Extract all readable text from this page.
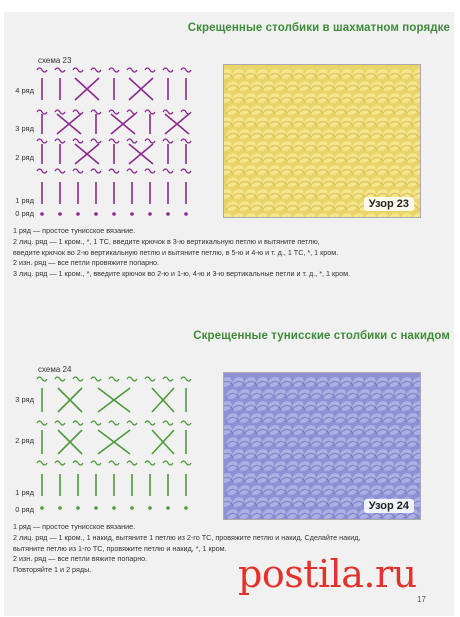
Скрещенные столбики в шахматном порядке
схема 23
4 ряд
3 ряд
2 ряд
1 ряд
0 ряд
Узор 23
1 ряд — простое тунисское вязание.
2 лиц. ряд — 1 кром., *, 1 ТС, введите крючок в 3-ю вертикальную петлю и вытяните петлю,
введите крючок во 2-ю вертикальную петлю и вытяните петлю, в 5-ю и 4-ю и т. д., 1 ТС, *, 1 кром.
2 изн. ряд — все петли провяжите попарно.
3 лиц. ряд — 1 кром., *, введите крючок во 2-ю и 1-ю, 4-ю и 3-ю вертикальные петли и т. д., *, 1 кром.
Скрещенные тунисские столбики с накидом
схема 24
3 ряд
2 ряд
1 ряд
0 ряд	Узор 24
1 ряд — простое тунисское вязание.
2 лиц. ряд — 1 кром., 1 накид, вытяните 1 петлю из 2-го ТС, провяжите петлю и накид. Сделайте накид,
вытяните петлю из 1-го ТС, провяжите петлю и накид, *, 1 кром.
2 изн. ряд — все петли вяжите попарно.
Повторяйте 1 и 2 ряды.	postila.ru
17
